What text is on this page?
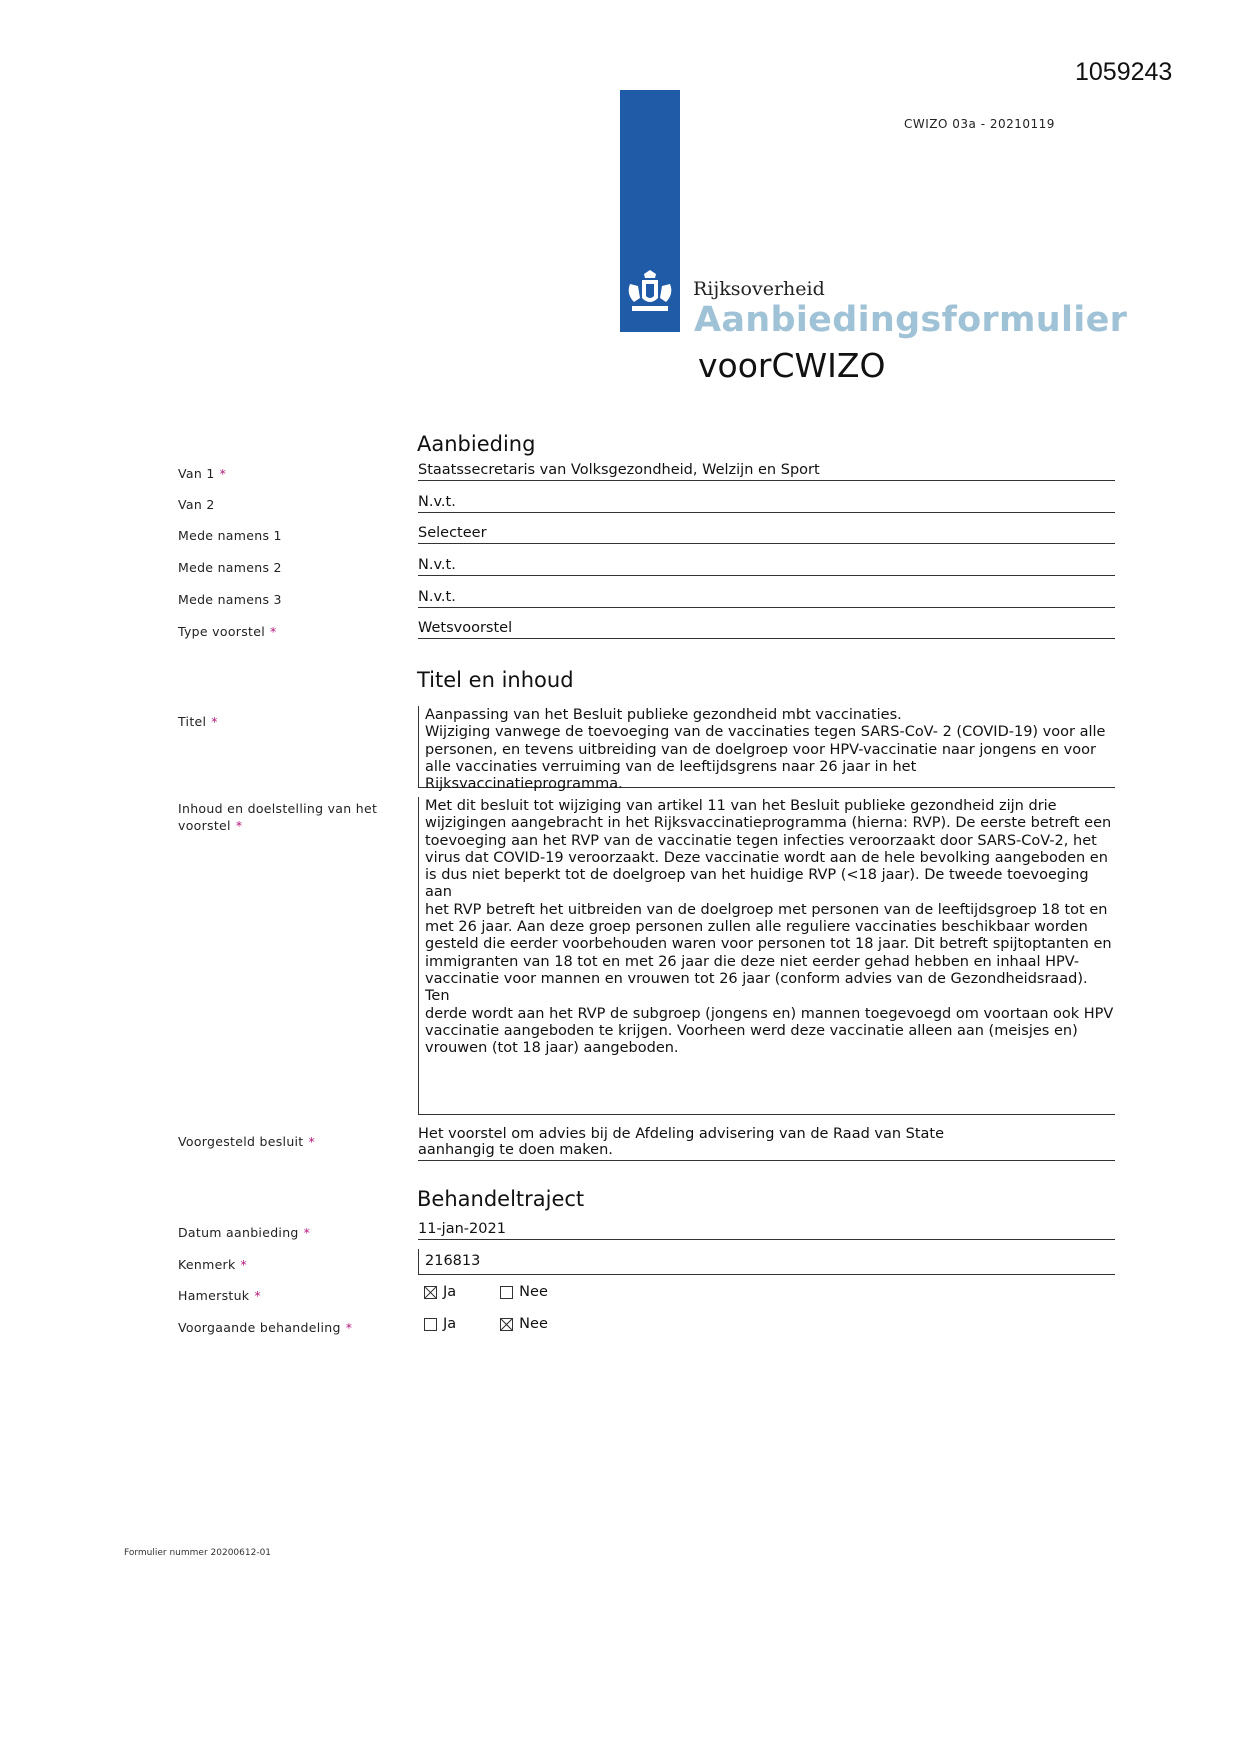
1059243
CWIZO 03a - 20210119
Rijksoverheid
Aanbiedingsformulier
voorCWIZO
Aanbieding
Van 1 *	Staatssecretaris van Volksgezondheid, Welzijn en Sport
Van 2	N.v.t.
Mede namens 1	Selecteer
Mede namens 2	N.v.t.
Mede namens 3	N.v.t.
Type voorstel *	Wetsvoorstel
Titel en inhoud
Titel *	Aanpassing van het Besluit publieke gezondheid mbt vaccinaties.
Wijziging vanwege de toevoeging van de vaccinaties tegen SARS-CoV- 2 (COVID-19) voor alle
personen, en tevens uitbreiding van de doelgroep voor HPV-vaccinatie naar jongens en voor
alle vaccinaties verruiming van de leeftijdsgrens naar 26 jaar in het Rijksvaccinatieprogramma.
Inhoud en doelstelling van het
voorstel *
Met dit besluit tot wijziging van artikel 11 van het Besluit publieke gezondheid zijn drie
wijzigingen aangebracht in het Rijksvaccinatieprogramma (hierna: RVP). De eerste betreft een
toevoeging aan het RVP van de vaccinatie tegen infecties veroorzaakt door SARS-CoV-2, het
virus dat COVID-19 veroorzaakt. Deze vaccinatie wordt aan de hele bevolking aangeboden en
is dus niet beperkt tot de doelgroep van het huidige RVP (<18 jaar). De tweede toevoeging aan
het RVP betreft het uitbreiden van de doelgroep met personen van de leeftijdsgroep 18 tot en
met 26 jaar. Aan deze groep personen zullen alle reguliere vaccinaties beschikbaar worden
gesteld die eerder voorbehouden waren voor personen tot 18 jaar. Dit betreft spijtoptanten en
immigranten van 18 tot en met 26 jaar die deze niet eerder gehad hebben en inhaal HPV-
vaccinatie voor mannen en vrouwen tot 26 jaar (conform advies van de Gezondheidsraad). Ten
derde wordt aan het RVP de subgroep (jongens en) mannen toegevoegd om voortaan ook HPV
vaccinatie aangeboden te krijgen. Voorheen werd deze vaccinatie alleen aan (meisjes en)
vrouwen (tot 18 jaar) aangeboden.
Voorgesteld besluit *	Het voorstel om advies bij de Afdeling advisering van de Raad van State
aanhangig te doen maken.
Behandeltraject
Datum aanbieding *	11-jan-2021
Kenmerk *	216813
Hamerstuk *	Ja	Nee
Voorgaande behandeling *	Ja	Nee
Formulier nummer 20200612-01
